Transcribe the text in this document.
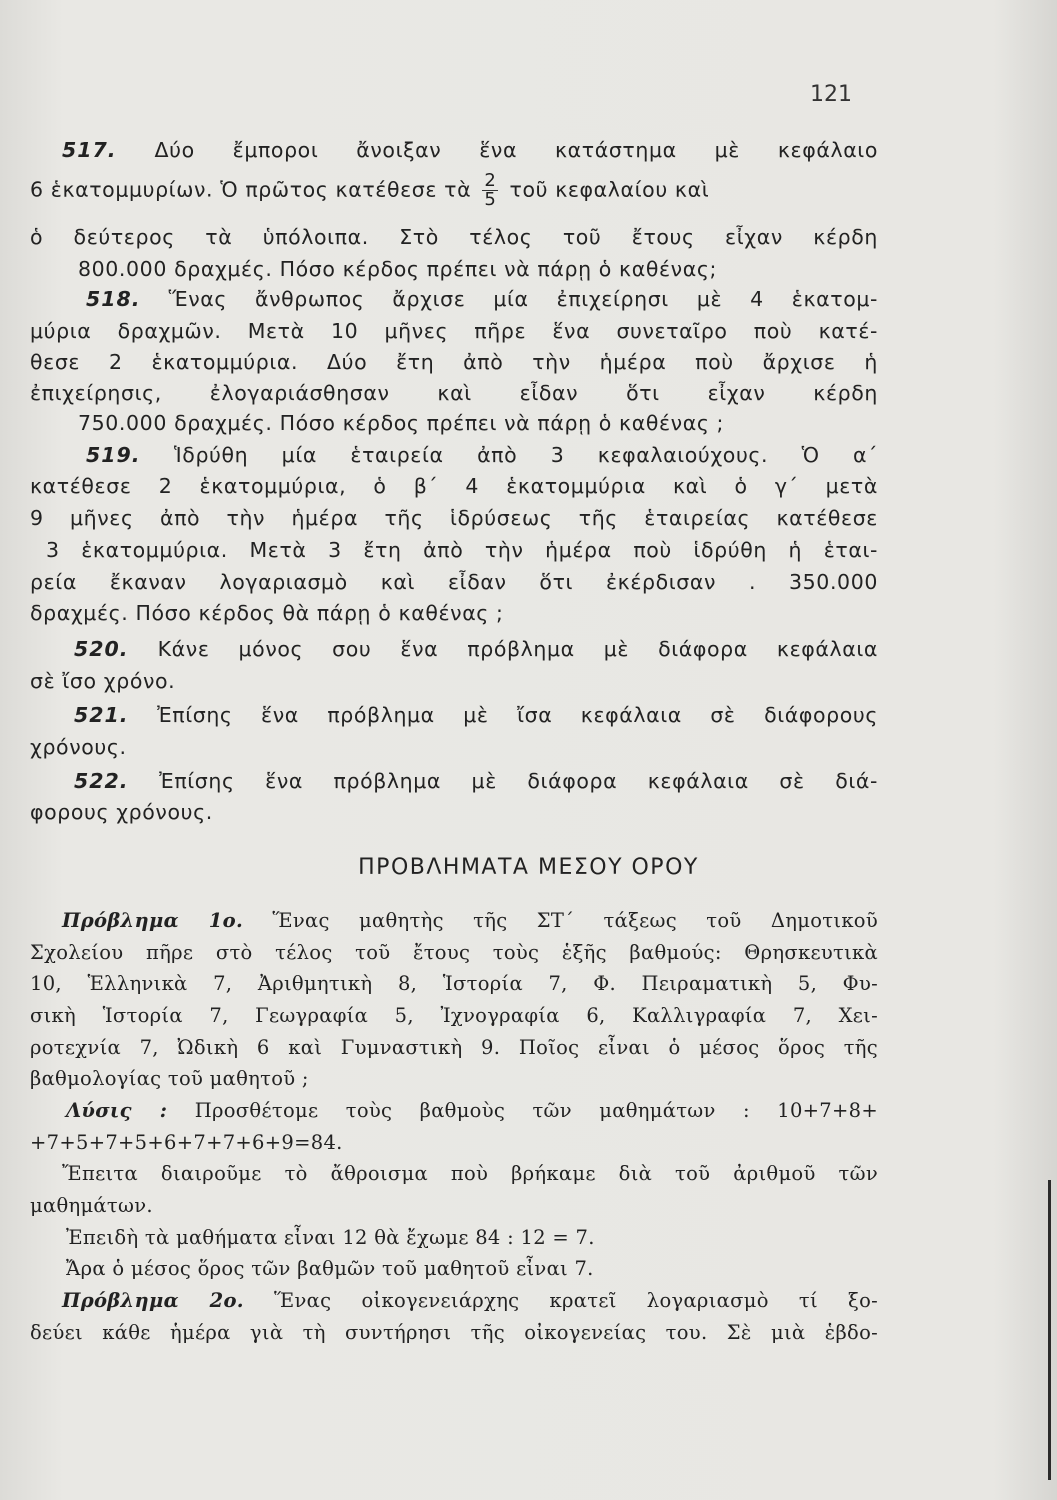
121
517. Δύο ἔμποροι ἄνοιξαν ἕνα κατάστημα μὲ κεφάλαιο
6 ἑκατομμυρίων. Ὁ πρῶτος κατέθεσε τὰ $\frac{2}{5}$ τοῦ κεφαλαίου καὶ
ὁ δεύτερος τὰ ὑπόλοιπα. Στὸ τέλος τοῦ ἔτους εἶχαν κέρδη
800.000 δραχμές. Πόσο κέρδος πρέπει νὰ πάρῃ ὁ καθένας;
518. Ἕνας ἄνθρωπος ἄρχισε μία ἐπιχείρησι μὲ 4 ἑκατομ-
μύρια δραχμῶν. Μετὰ 10 μῆνες πῆρε ἕνα συνεταῖρο ποὺ κατέ-
θεσε 2 ἑκατομμύρια. Δύο ἔτη ἀπὸ τὴν ἡμέρα ποὺ ἄρχισε ἡ
ἐπιχείρησις, ἐλογαριάσθησαν καὶ εἶδαν ὅτι εἶχαν κέρδη
750.000 δραχμές. Πόσο κέρδος πρέπει νὰ πάρῃ ὁ καθένας ;
519. Ἱδρύθη μία ἑταιρεία ἀπὸ 3 κεφαλαιούχους. Ὁ α΄
κατέθεσε 2 ἑκατομμύρια, ὁ β΄ 4 ἑκατομμύρια καὶ ὁ γ΄ μετὰ
9 μῆνες ἀπὸ τὴν ἡμέρα τῆς ἱδρύσεως τῆς ἑταιρείας κατέθεσε
3 ἑκατομμύρια. Μετὰ 3 ἔτη ἀπὸ τὴν ἡμέρα ποὺ ἱδρύθη ἡ ἑται-
ρεία ἔκαναν λογαριασμὸ καὶ εἶδαν ὅτι ἐκέρδισαν . 350.000
δραχμές. Πόσο κέρδος θὰ πάρῃ ὁ καθένας ;
520. Κάνε μόνος σου ἕνα πρόβλημα μὲ διάφορα κεφάλαια
σὲ ἴσο χρόνο.
521. Ἐπίσης ἕνα πρόβλημα μὲ ἴσα κεφάλαια σὲ διάφορους
χρόνους.
522. Ἐπίσης ἕνα πρόβλημα μὲ διάφορα κεφάλαια σὲ διά-
φορους χρόνους.
ΠΡΟΒΛΗΜΑΤΑ ΜΕΣΟΥ ΟΡΟΥ
Πρόβλημα 1ο. Ἕνας μαθητὴς τῆς ΣΤ΄ τάξεως τοῦ Δημοτικοῦ
Σχολείου πῆρε στὸ τέλος τοῦ ἔτους τοὺς ἑξῆς βαθμούς: Θρησκευτικὰ
10, Ἑλληνικὰ 7, Ἀριθμητικὴ 8, Ἱστορία 7, Φ. Πειραματικὴ 5, Φυ-
σικὴ Ἱστορία 7, Γεωγραφία 5, Ἰχνογραφία 6, Καλλιγραφία 7, Χει-
ροτεχνία 7, Ὠδικὴ 6 καὶ Γυμναστικὴ 9. Ποῖος εἶναι ὁ μέσος ὅρος τῆς
βαθμολογίας τοῦ μαθητοῦ ;
Λύσις : Προσθέτομε τοὺς βαθμοὺς τῶν μαθημάτων : 10+7+8+
+7+5+7+5+6+7+7+6+9=84.
Ἔπειτα διαιροῦμε τὸ ἄθροισμα ποὺ βρήκαμε διὰ τοῦ ἀριθμοῦ τῶν
μαθημάτων.
Ἐπειδὴ τὰ μαθήματα εἶναι 12 θὰ ἔχωμε 84 : 12 = 7.
Ἄρα ὁ μέσος ὅρος τῶν βαθμῶν τοῦ μαθητοῦ εἶναι 7.
Πρόβλημα 2ο. Ἕνας οἰκογενειάρχης κρατεῖ λογαριασμὸ τί ξο-
δεύει κάθε ἡμέρα γιὰ τὴ συντήρησι τῆς οἰκογενείας του. Σὲ μιὰ ἑβδο-
